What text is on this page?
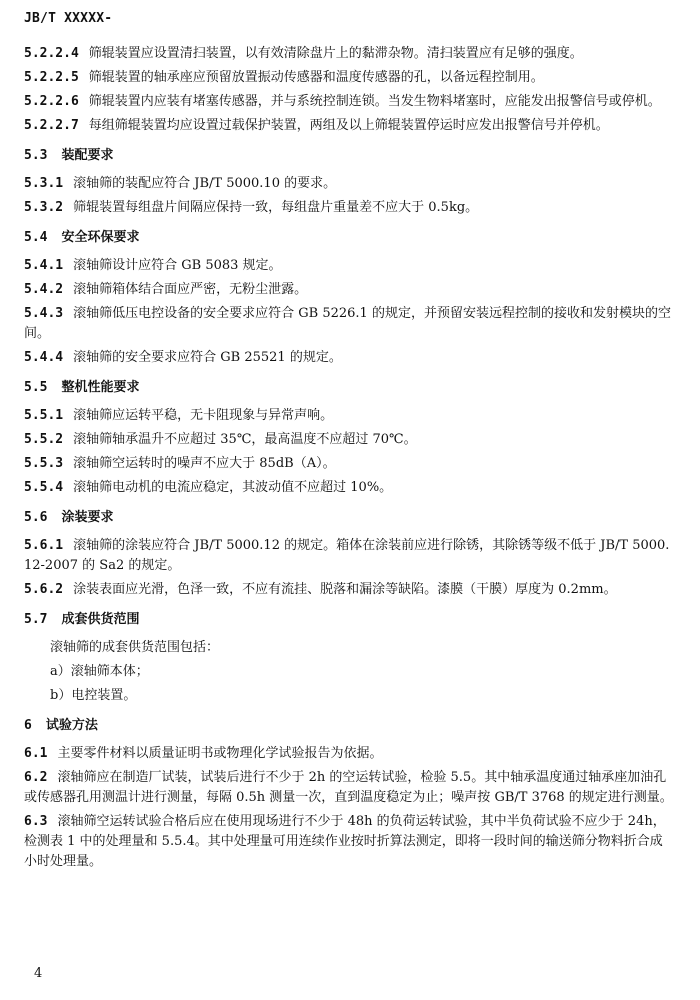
JB/T XXXXX-
5.2.2.4 筛辊装置应设置清扫装置，以有效清除盘片上的黏滞杂物。清扫装置应有足够的强度。
5.2.2.5 筛辊装置的轴承座应预留放置振动传感器和温度传感器的孔，以备远程控制用。
5.2.2.6 筛辊装置内应装有堵塞传感器，并与系统控制连锁。当发生物料堵塞时，应能发出报警信号或停机。
5.2.2.7 每组筛辊装置均应设置过载保护装置，两组及以上筛辊装置停运时应发出报警信号并停机。
5.3 装配要求
5.3.1 滚轴筛的装配应符合 JB/T 5000.10 的要求。
5.3.2 筛辊装置每组盘片间隔应保持一致，每组盘片重量差不应大于 0.5kg。
5.4 安全环保要求
5.4.1 滚轴筛设计应符合 GB 5083 规定。
5.4.2 滚轴筛箱体结合面应严密，无粉尘泄露。
5.4.3 滚轴筛低压电控设备的安全要求应符合 GB 5226.1 的规定，并预留安装远程控制的接收和发射模块的空间。
5.4.4 滚轴筛的安全要求应符合 GB 25521 的规定。
5.5 整机性能要求
5.5.1 滚轴筛应运转平稳，无卡阻现象与异常声响。
5.5.2 滚轴筛轴承温升不应超过 35℃，最高温度不应超过 70℃。
5.5.3 滚轴筛空运转时的噪声不应大于 85dB（A）。
5.5.4 滚轴筛电动机的电流应稳定，其波动值不应超过 10%。
5.6 涂装要求
5.6.1 滚轴筛的涂装应符合 JB/T 5000.12 的规定。箱体在涂装前应进行除锈，其除锈等级不低于 JB/T 5000.12-2007 的 Sa2 的规定。
5.6.2 涂装表面应光滑，色泽一致，不应有流挂、脱落和漏涂等缺陷。漆膜（干膜）厚度为 0.2mm。
5.7 成套供货范围
滚轴筛的成套供货范围包括：
a）滚轴筛本体；
b）电控装置。
6 试验方法
6.1 主要零件材料以质量证明书或物理化学试验报告为依据。
6.2 滚轴筛应在制造厂试装，试装后进行不少于 2h 的空运转试验，检验 5.5。其中轴承温度通过轴承座加油孔或传感器孔用测温计进行测量，每隔 0.5h 测量一次，直到温度稳定为止；噪声按 GB/T 3768 的规定进行测量。
6.3 滚轴筛空运转试验合格后应在使用现场进行不少于 48h 的负荷运转试验，其中半负荷试验不应少于 24h，检测表 1 中的处理量和 5.5.4。其中处理量可用连续作业按时折算法测定，即将一段时间的输送筛分物料折合成小时处理量。
4
